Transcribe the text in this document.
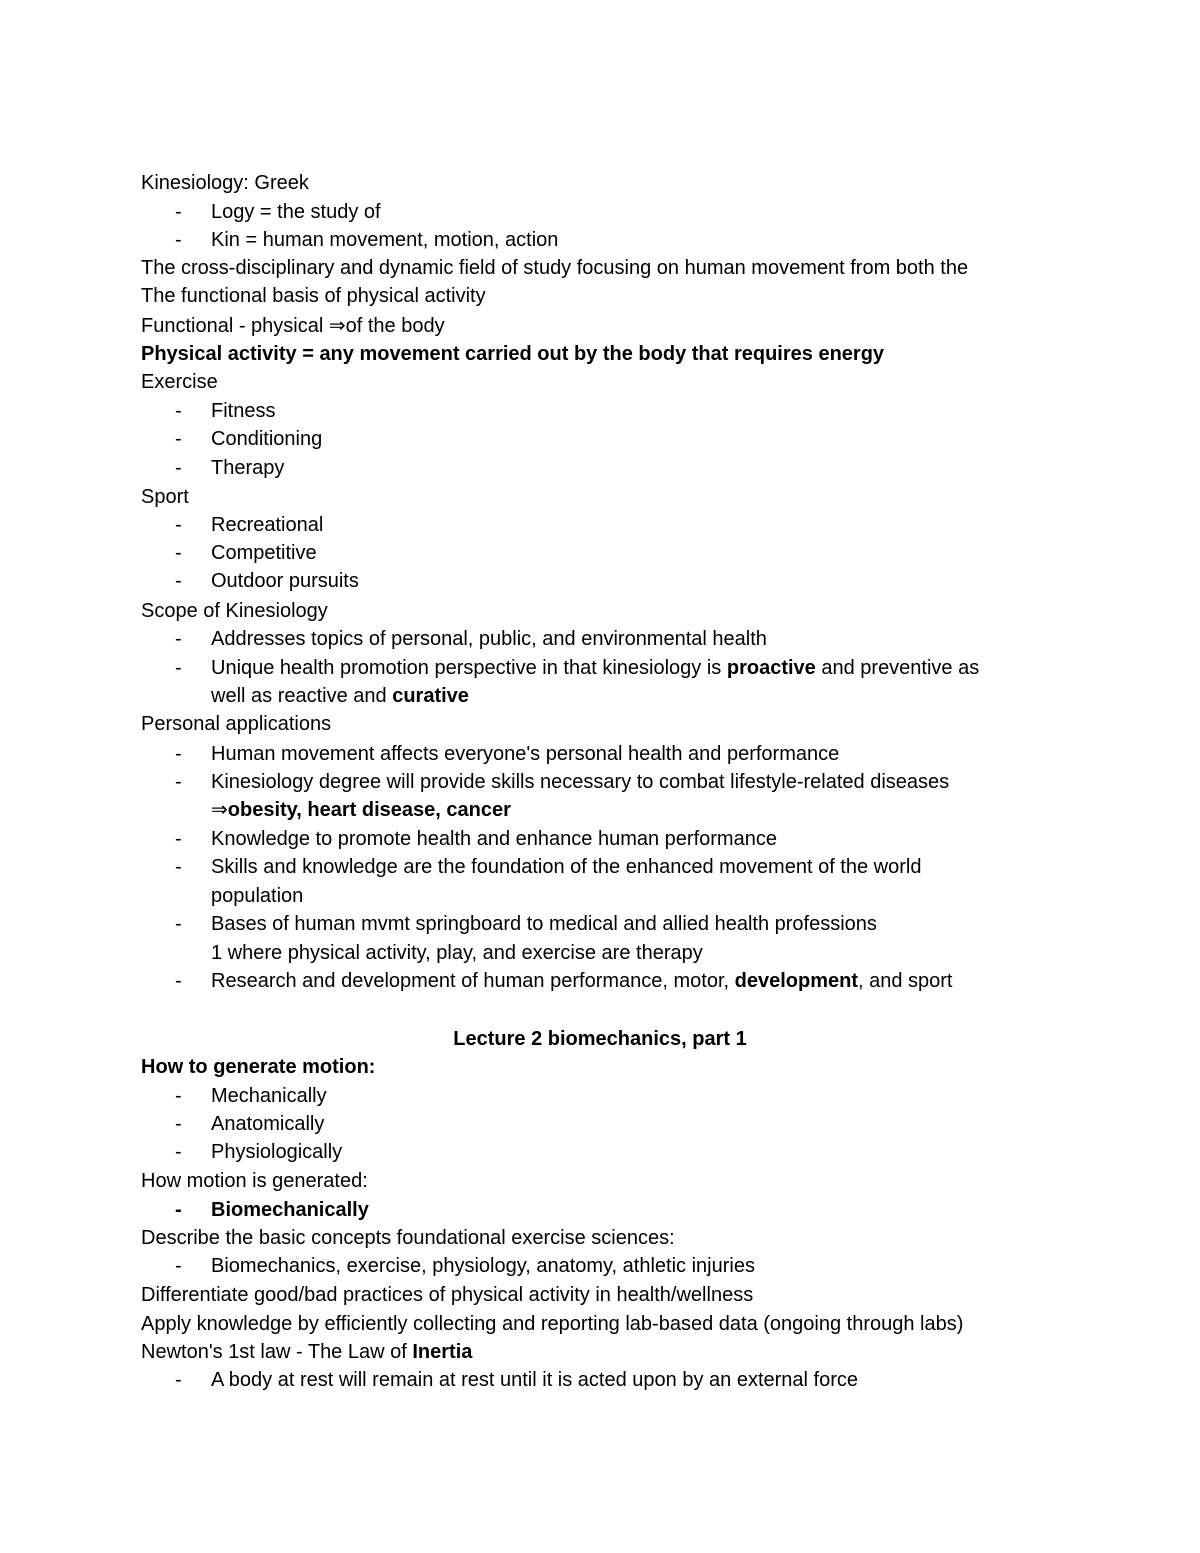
Kinesiology: Greek
- Logy = the study of
- Kin = human movement, motion, action
The cross-disciplinary and dynamic field of study focusing on human movement from both the
The functional basis of physical activity
Functional - physical ⇒of the body
Physical activity = any movement carried out by the body that requires energy
Exercise
- Fitness
- Conditioning
- Therapy
Sport
- Recreational
- Competitive
- Outdoor pursuits
Scope of Kinesiology
- Addresses topics of personal, public, and environmental health
- Unique health promotion perspective in that kinesiology is proactive and preventive as
well as reactive and curative
Personal applications
- Human movement affects everyone's personal health and performance
- Kinesiology degree will provide skills necessary to combat lifestyle-related diseases
⇒obesity, heart disease, cancer
- Knowledge to promote health and enhance human performance
- Skills and knowledge are the foundation of the enhanced movement of the world
population
- Bases of human mvmt springboard to medical and allied health professions
1 where physical activity, play, and exercise are therapy
- Research and development of human performance, motor, development, and sport
Lecture 2 biomechanics, part 1
How to generate motion:
- Mechanically
- Anatomically
- Physiologically
How motion is generated:
- Biomechanically
Describe the basic concepts foundational exercise sciences:
- Biomechanics, exercise, physiology, anatomy, athletic injuries
Differentiate good/bad practices of physical activity in health/wellness
Apply knowledge by efficiently collecting and reporting lab-based data (ongoing through labs)
Newton's 1st law - The Law of Inertia
- A body at rest will remain at rest until it is acted upon by an external force
